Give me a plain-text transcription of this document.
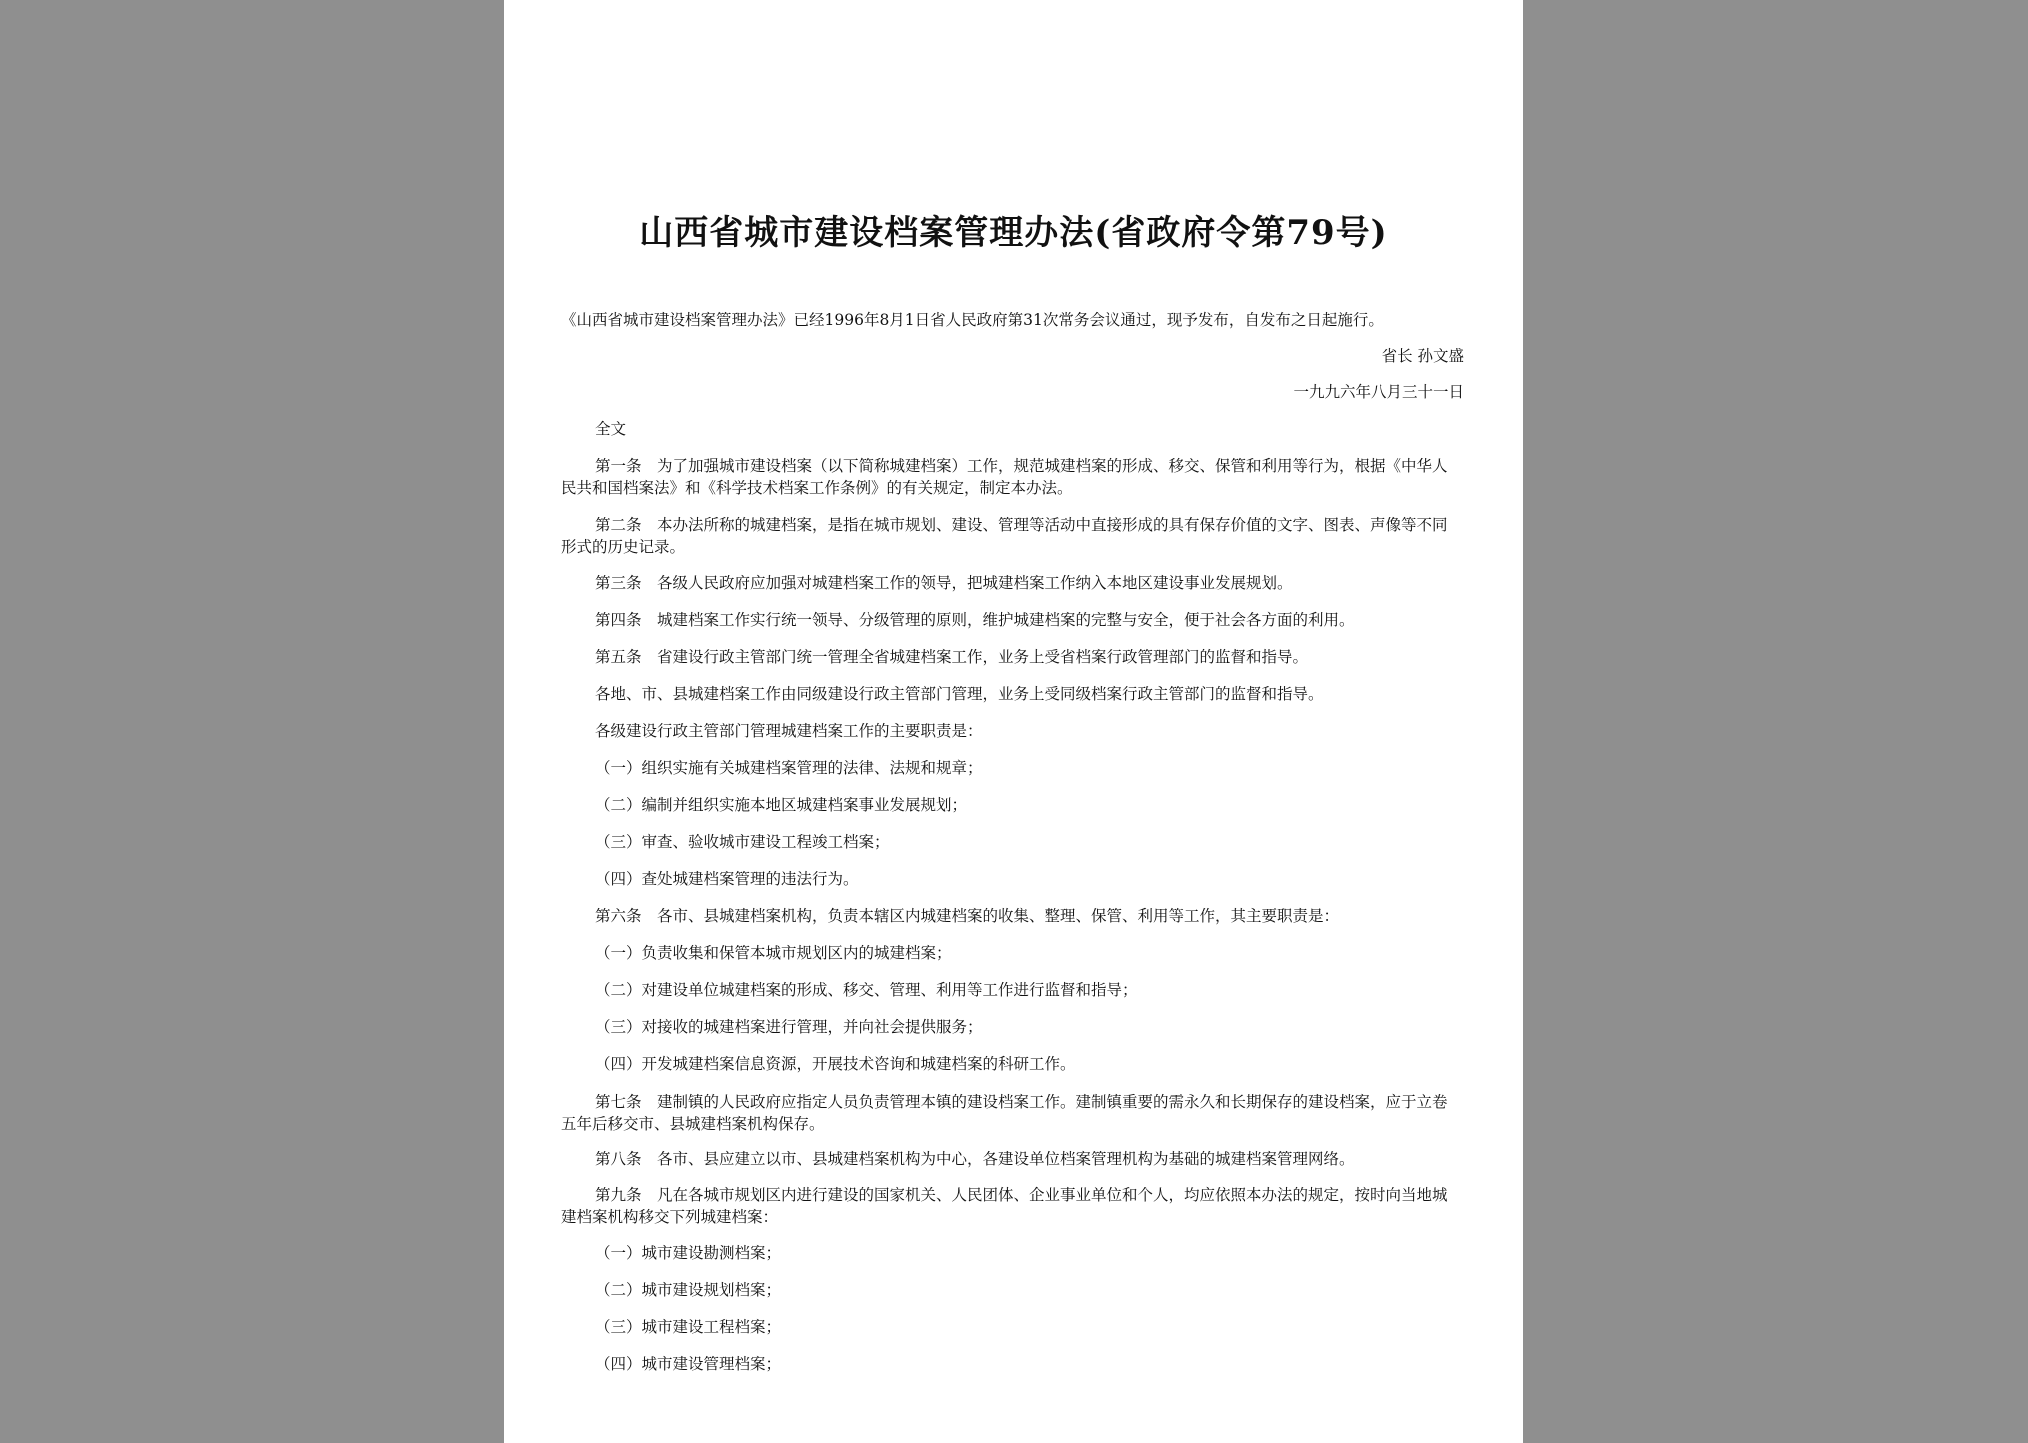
山西省城市建设档案管理办法(省政府令第79号)
《山西省城市建设档案管理办法》已经1996年8月1日省人民政府第31次常务会议通过，现予发布，自发布之日起施行。
省长 孙文盛
一九九六年八月三十一日
全文
第一条　为了加强城市建设档案（以下简称城建档案）工作，规范城建档案的形成、移交、保管和利用等行为，根据《中华人民共和国档案法》和《科学技术档案工作条例》的有关规定，制定本办法。
第二条　本办法所称的城建档案，是指在城市规划、建设、管理等活动中直接形成的具有保存价值的文字、图表、声像等不同形式的历史记录。
第三条　各级人民政府应加强对城建档案工作的领导，把城建档案工作纳入本地区建设事业发展规划。
第四条　城建档案工作实行统一领导、分级管理的原则，维护城建档案的完整与安全，便于社会各方面的利用。
第五条　省建设行政主管部门统一管理全省城建档案工作，业务上受省档案行政管理部门的监督和指导。
各地、市、县城建档案工作由同级建设行政主管部门管理，业务上受同级档案行政主管部门的监督和指导。
各级建设行政主管部门管理城建档案工作的主要职责是：
（一）组织实施有关城建档案管理的法律、法规和规章；
（二）编制并组织实施本地区城建档案事业发展规划；
（三）审查、验收城市建设工程竣工档案；
（四）查处城建档案管理的违法行为。
第六条　各市、县城建档案机构，负责本辖区内城建档案的收集、整理、保管、利用等工作，其主要职责是：
（一）负责收集和保管本城市规划区内的城建档案；
（二）对建设单位城建档案的形成、移交、管理、利用等工作进行监督和指导；
（三）对接收的城建档案进行管理，并向社会提供服务；
（四）开发城建档案信息资源，开展技术咨询和城建档案的科研工作。
第七条　建制镇的人民政府应指定人员负责管理本镇的建设档案工作。建制镇重要的需永久和长期保存的建设档案，应于立卷五年后移交市、县城建档案机构保存。
第八条　各市、县应建立以市、县城建档案机构为中心，各建设单位档案管理机构为基础的城建档案管理网络。
第九条　凡在各城市规划区内进行建设的国家机关、人民团体、企业事业单位和个人，均应依照本办法的规定，按时向当地城建档案机构移交下列城建档案：
（一）城市建设勘测档案；
（二）城市建设规划档案；
（三）城市建设工程档案；
（四）城市建设管理档案；
